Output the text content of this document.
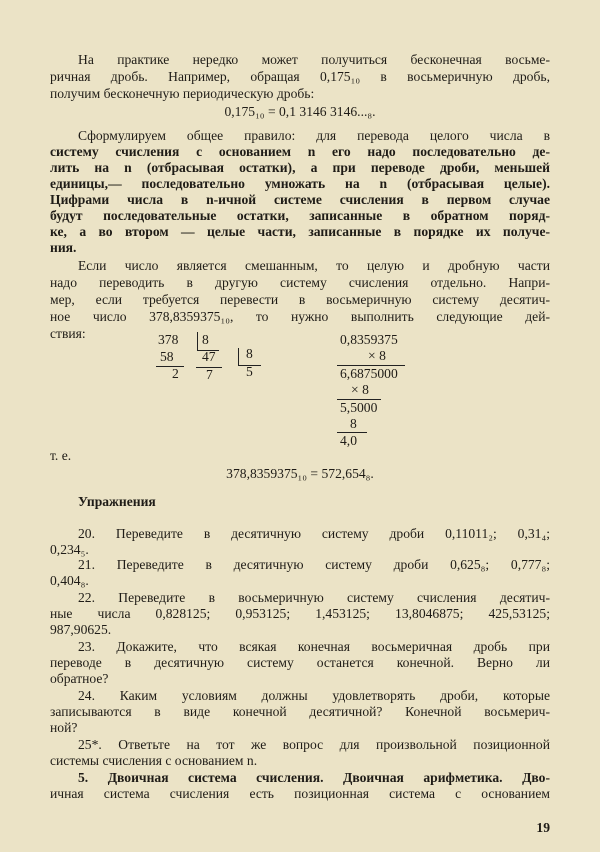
На практике нередко может получиться бесконечная восьме-
ричная дробь. Например, обращая 0,175₁₀ в восьмеричную дробь,
получим бесконечную периодическую дробь:
0,175₁₀ = 0,1 3146 3146...₈.
Сформулируем общее правило: для перевода целого числа в
систему счисления с основанием n его надо последовательно де-
лить на n (отбрасывая остатки), а при переводе дроби, меньшей
единицы,— последовательно умножать на n (отбрасывая целые).
Цифрами числа в n-ичной системе счисления в первом случае
будут последовательные остатки, записанные в обратном поряд-
ке, а во втором — целые части, записанные в порядке их получе-
ния.
Если число является смешанным, то целую и дробную части
надо переводить в другую систему счисления отдельно. Напри-
мер, если требуется перевести в восьмеричную систему десятич-
ное число 378,8359375₁₀, то нужно выполнить следующие дей-
ствия:	378 8
58 47 8
2 7 5
0,8359375
× 8
6,6875000
× 8
5,5000
8
4,0
т. е.
378,8359375₁₀ = 572,654₈.
Упражнения
20. Переведите в десятичную систему дроби 0,11011₂; 0,31₄;
0,234₅.
21. Переведите в десятичную систему дроби 0,625₈; 0,777₈;
0,404₈.
22. Переведите в восьмеричную систему счисления десятич-
ные числа 0,828125; 0,953125; 1,453125; 13,8046875; 425,53125;
987,90625.
23. Докажите, что всякая конечная восьмеричная дробь при
переводе в десятичную систему останется конечной. Верно ли
обратное?
24. Каким условиям должны удовлетворять дроби, которые
записываются в виде конечной десятичной? Конечной восьмерич-
ной?
25*. Ответьте на тот же вопрос для произвольной позиционной
системы счисления с основанием n.
5. Двоичная система счисления. Двоичная арифметика. Дво-
ичная система счисления есть позиционная система с основанием
19
